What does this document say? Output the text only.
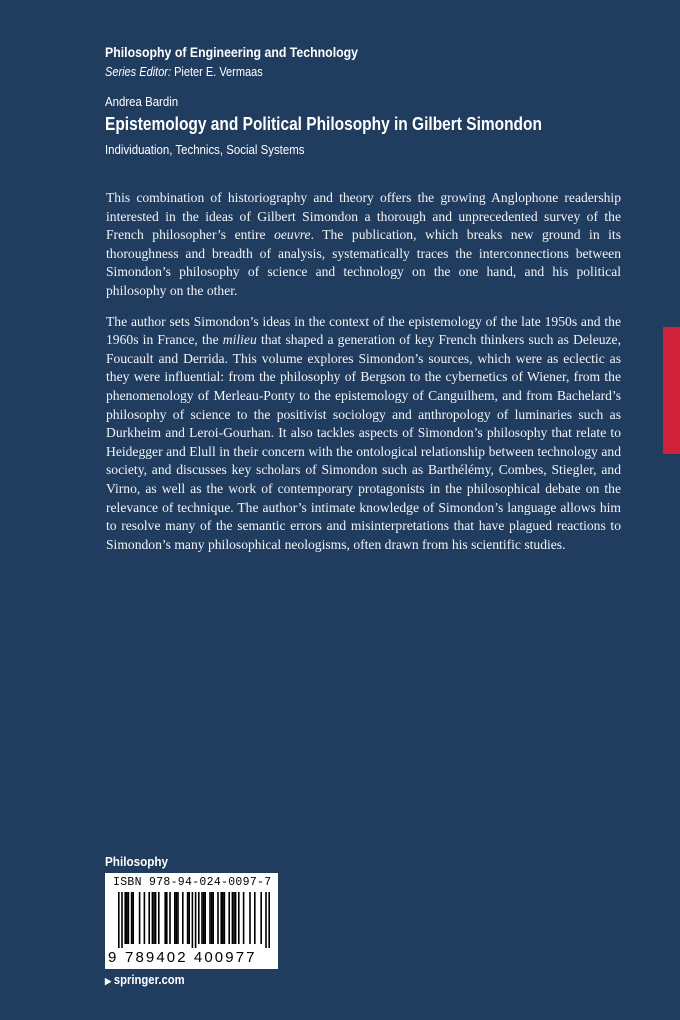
Philosophy of Engineering and Technology
Series Editor: Pieter E. Vermaas
Andrea Bardin
Epistemology and Political Philosophy in Gilbert Simondon
Individuation, Technics, Social Systems

This combination of historiography and theory offers the growing Anglophone readership interested in the ideas of Gilbert Simondon a thorough and unprecedented survey of the French philosopher’s entire oeuvre. The publication, which breaks new ground in its thoroughness and breadth of analysis, systematically traces the interconnections between Simondon’s philosophy of science and technology on the one hand, and his political philosophy on the other.

The author sets Simondon’s ideas in the context of the epistemology of the late 1950s and the 1960s in France, the milieu that shaped a generation of key French thinkers such as Deleuze, Foucault and Derrida. This volume explores Simondon’s sources, which were as eclectic as they were influential: from the philosophy of Bergson to the cybernetics of Wiener, from the phenomenology of Merleau-Ponty to the epistemology of Canguilhem, and from Bachelard’s philosophy of science to the positivist sociology and anthropology of luminaries such as Durkheim and Leroi-Gourhan. It also tackles aspects of Simondon’s philosophy that relate to Heidegger and Elull in their concern with the ontological relationship between technology and society, and discusses key scholars of Simondon such as Barthélémy, Combes, Stiegler, and Virno, as well as the work of contemporary protagonists in the philosophical debate on the relevance of technique. The author’s intimate knowledge of Simondon’s language allows him to resolve many of the semantic errors and misinterpretations that have plagued reactions to Simondon’s many philosophical neologisms, often drawn from his scientific studies.

Philosophy
ISBN 978-94-024-0097-7
9 789402 400977
▶ springer.com
